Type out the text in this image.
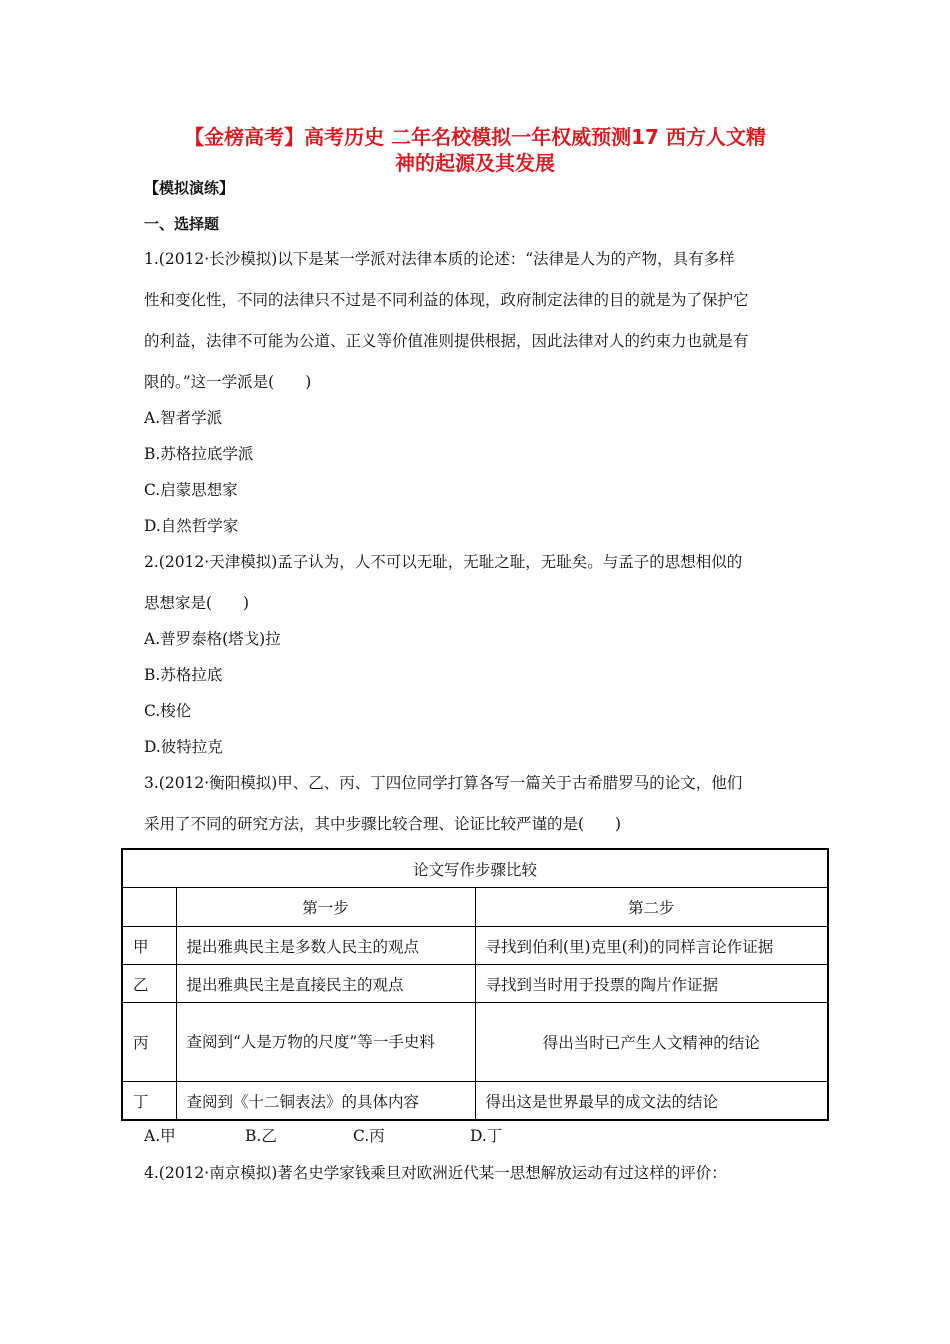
【金榜高考】高考历史 二年名校模拟一年权威预测17 西方人文精
神的起源及其发展
【模拟演练】
一、选择题
1.(2012·长沙模拟)以下是某一学派对法律本质的论述：“法律是人为的产物，具有多样
性和变化性，不同的法律只不过是不同利益的体现，政府制定法律的目的就是为了保护它
的利益，法律不可能为公道、正义等价值准则提供根据，因此法律对人的约束力也就是有
限的。”这一学派是(　　)
A.智者学派
B.苏格拉底学派
C.启蒙思想家
D.自然哲学家
2.(2012·天津模拟)孟子认为，人不可以无耻，无耻之耻，无耻矣。与孟子的思想相似的
思想家是(　　)
A.普罗泰格(塔戈)拉
B.苏格拉底
C.梭伦
D.彼特拉克
3.(2012·衡阳模拟)甲、乙、丙、丁四位同学打算各写一篇关于古希腊罗马的论文，他们
采用了不同的研究方法，其中步骤比较合理、论证比较严谨的是(　　)
论文写作步骤比较		
	第一步	第二步
甲	提出雅典民主是多数人民主的观点	寻找到伯利(里)克里(利)的同样言论作证据
乙	提出雅典民主是直接民主的观点	寻找到当时用于投票的陶片作证据
丙	查阅到“人是万物的尺度”等一手史料	得出当时已产生人文精神的结论
丁	查阅到《十二铜表法》的具体内容	得出这是世界最早的成文法的结论
A.甲	B.乙	C.丙	D.丁
4.(2012·南京模拟)著名史学家钱乘旦对欧洲近代某一思想解放运动有过这样的评价：
